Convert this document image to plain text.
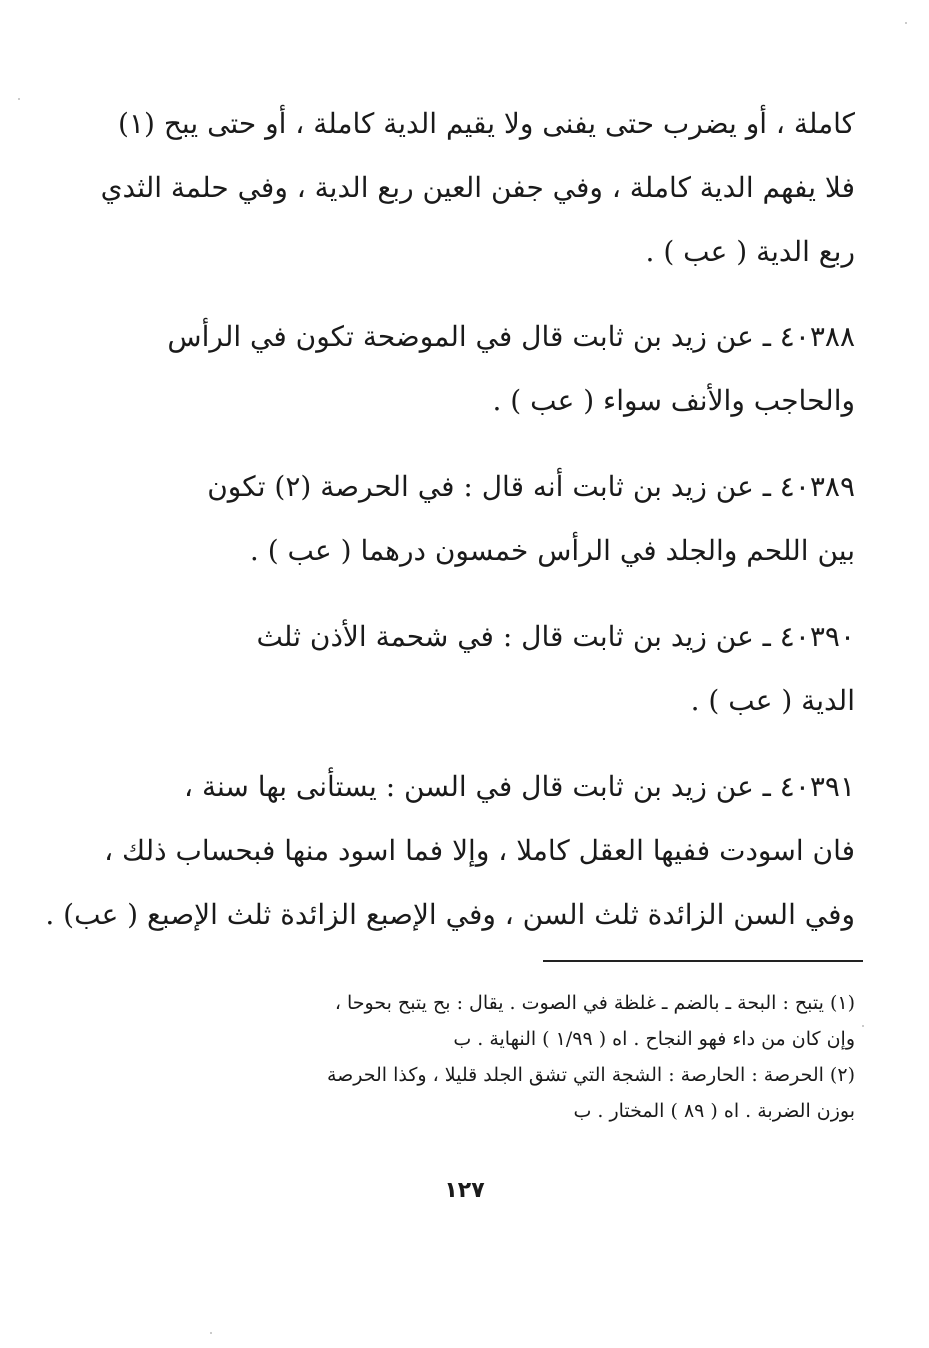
كاملة ، أو يضرب حتى يفنى ولا يقيم الدية كاملة ، أو حتى يبح (١)
فلا يفهم الدية كاملة ، وفي جفن العين ربع الدية ، وفي حلمة الثدي
ربع الدية ( عب ) .
٤٠٣٨٨ ـ عن زيد بن ثابت قال في الموضحة تكون في الرأس
والحاجب والأنف سواء ( عب ) .
٤٠٣٨٩ ـ عن زيد بن ثابت أنه قال : في الحرصة (٢) تكون
بين اللحم والجلد في الرأس خمسون درهما ( عب ) .
٤٠٣٩٠ ـ عن زيد بن ثابت قال : في شحمة الأذن ثلث
الدية ( عب ) .
٤٠٣٩١ ـ عن زيد بن ثابت قال في السن : يستأنى بها سنة ،
فان اسودت ففيها العقل كاملا ، وإلا فما اسود منها فبحساب ذلك ،
وفي السن الزائدة ثلث السن ، وفي الإصبع الزائدة ثلث الإصبع ( عب) .
(١) يتبح : البحة ـ بالضم ـ غلظة في الصوت . يقال : بح يتبح بحوحا ،
وإن كان من داء فهو النجاح . اه ( ١/٩٩ ) النهاية . ب
(٢) الحرصة : الحارصة : الشجة التي تشق الجلد قليلا ، وكذا الحرصة
بوزن الضربة . اه ( ٨٩ ) المختار . ب
١٢٧
